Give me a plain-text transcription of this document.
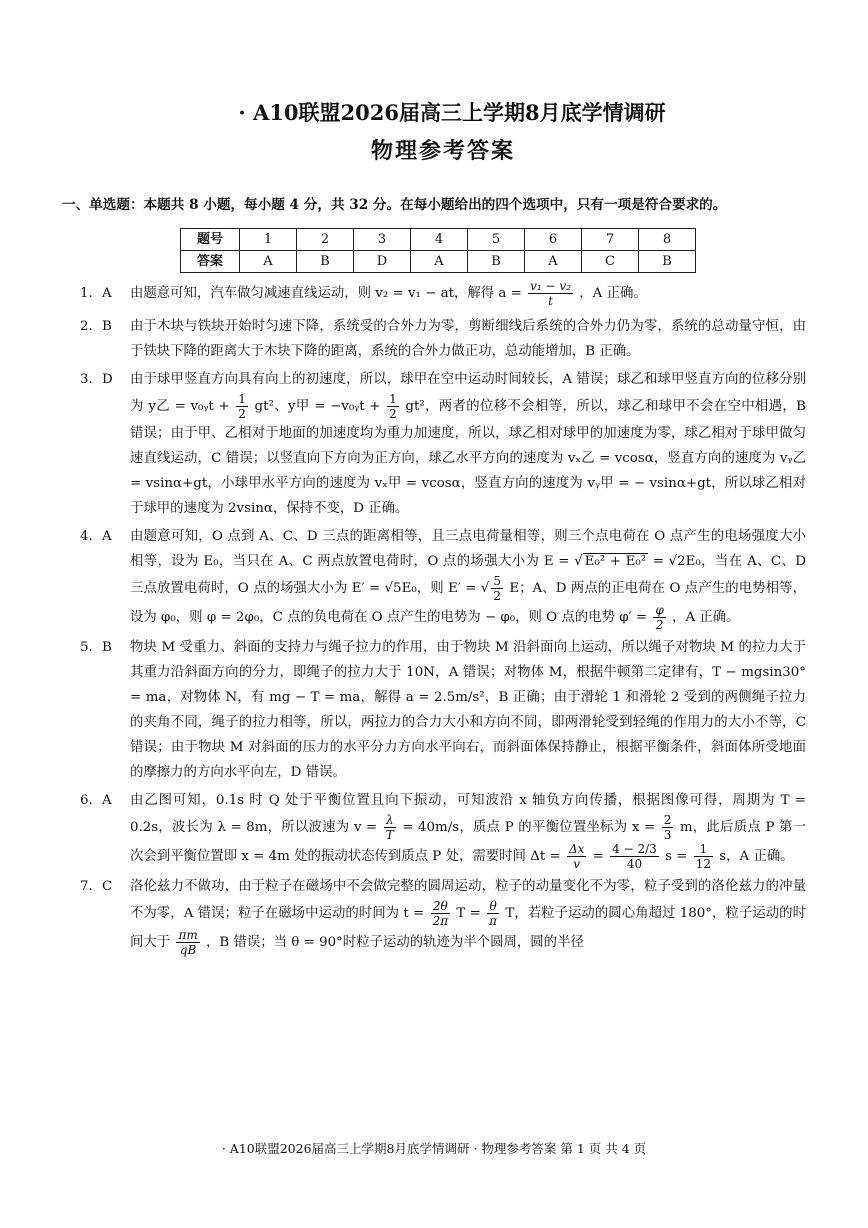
· A10联盟2026届高三上学期8月底学情调研

物理参考答案

一、单选题：本题共 8 小题，每小题 4 分，共 32 分。在每小题给出的四个选项中，只有一项是符合要求的。
题号	1	2	3	4	5	6	7	8
答案	A	B	D	A	B	A	C	B
1. A 由题意可知，汽车做匀减速直线运动，则 v₂ = v₁ − at，解得 $a = \frac{\text{v₁ − v₂}}{t}$ ，A 正确。
2. B 由于木块与铁块开始时匀速下降，系统受的合外力为零，剪断细线后系统的合外力仍为零，系统的总动量守恒，由于铁块下降的距离大于木块下降的距离，系统的合外力做正功，总动能增加，B 正确。
3. D 由于球甲竖直方向具有向上的初速度，所以，球甲在空中运动时间较长，A 错误；球乙和球甲竖直方向的位移分别为 y乙 = v₀ᵧt + $\frac{1}{2} gt^2$、y甲 = −v₀ᵧt + $\frac{1}{2} gt^2$，两者的位移不会相等，所以，球乙和球甲不会在空中相遇，B 错误；由于甲、乙相对于地面的加速度均为重力加速度，所以，球乙相对球甲的加速度为零，球乙相对于球甲做匀速直线运动，C 错误；以竖直向下方向为正方向，球乙水平方向的速度为 vₓ乙 = vcosα，竖直方向的速度为 vᵧ乙 = vsinα+gt，小球甲水平方向的速度为 vₓ甲 = vcosα，竖直方向的速度为 vᵧ甲 = − vsinα+gt，所以球乙相对于球甲的速度为 2vsinα，保持不变，D 正确。
4. A 由题意可知，O 点到 A、C、D 三点的距离相等，且三点电荷量相等，则三个点电荷在 O 点产生的电场强度大小相等，设为 E₀，当只在 A、C 两点放置电荷时，O 点的场强大小为 E = √ E₀² + E₀² = √2E₀，当在 A、C、D 三点放置电荷时，O 点的场强大小为 E′ = √5E₀，则 E′ = √ $\frac{5}{2}$ E；A、D 两点的正电荷在 O 点产生的电势相等，设为 φ₀，则 φ = 2φ₀，C 点的负电荷在 O 点产生的电势为 − φ₀，则 O 点的电势 $\varphi' = \frac{\varphi}{2}$ ，A 正确。
5. B 物块 M 受重力、斜面的支持力与绳子拉力的作用，由于物块 M 沿斜面向上运动，所以绳子对物块 M 的拉力大于其重力沿斜面方向的分力，即绳子的拉力大于 10N，A 错误；对物体 M，根据牛顿第二定律有，T − mgsin30° = ma，对物体 N，有 mg − T = ma，解得 a = 2.5m/s²，B 正确；由于滑轮 1 和滑轮 2 受到的两侧绳子拉力的夹角不同，绳子的拉力相等，所以，两拉力的合力大小和方向不同，即两滑轮受到轻绳的作用力的大小不等，C 错误；由于物块 M 对斜面的压力的水平分力方向水平向右，而斜面体保持静止，根据平衡条件，斜面体所受地面的摩擦力的方向水平向左，D 错误。
6. A 由乙图可知，0.1s 时 Q 处于平衡位置且向下振动，可知波沿 x 轴负方向传播，根据图像可得，周期为 T = 0.2s，波长为 λ = 8m，所以波速为 $v = \frac{\lambda}{T} = 40m/s$，质点 P 的平衡位置坐标为 $x = \frac{2}{3}$ m，此后质点 P 第一次会到平衡位置即 x = 4m 处的振动状态传到质点 P 处，需要时间 $\Delta t = \frac{\Delta x}{v} = \frac{4 - 2/3}{40}$ $s = \frac{1}{12}$ s，A 正确。
7. C 洛伦兹力不做功，由于粒子在磁场中不会做完整的圆周运动，粒子的动量变化不为零，粒子受到的洛伦兹力的冲量不为零，A 错误；粒子在磁场中运动的时间为 $t = \frac{2\theta}{2\pi}$ $T = \frac{\theta}{\pi}$ T，若粒子运动的圆心角超过 180°，粒子运动的时间大于 $\frac{\pi m}{qB}$ ，B 错误；当 θ = 90°时粒子运动的轨迹为半个圆周，圆的半径
· A10联盟2026届高三上学期8月底学情调研 · 物理参考答案 第 1 页 共 4 页
